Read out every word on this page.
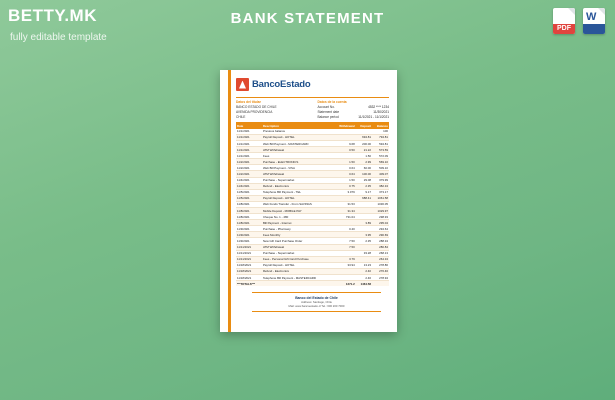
BETTY.MK
fully editable template
BANK STATEMENT
PDF
W

BancoEstado
Datos del titular
BANCO ESTADO DE CHILE
AVENIDA PROVIDENCIA
CHILE
Datos de la cuenta
Account No.	4532 **** 1234
Statement date	11/30/2021
Balance period	11/1/2021 - 11/1/2021
Date	Description	Withdrawal	Deposit	Balance
11/1/2021	Previous balance			100
11/1/2021	Payroll Deposit - HOTEL		694.81	794.81
11/1/2021	Web Bill Payment - MASTERCARD	9.68	200.00	594.81
11/1/2021	ATM Withdrawal	0.50	21.22	573.59
11/1/2021	Fees		1.50	572.09
11/2/2021	Purchase - ELECTRONICS	1.50	2.99	569.10
11/2/2021	Web Bill Payment - VISA	0.64	60.00	509.10
11/2/2021	ATM Withdrawal	0.64	100.00	409.07
11/4/2021	Purchase - Supermarket	1.50	29.08	379.99
11/4/2021	Refund - Electronics	0.75	2.35	382.34
11/5/2021	Telephone Bill Payment - TEL	3.079	9.17	373.17
11/5/2021	Payroll Deposit - HOTEL		688.41	1061.58
11/8/2021	Web Funds Transfer - From SAVINGS	31.53		1030.05
11/8/2021	Mobile Deposit - MOBILE PAY	31.34		1029.97
11/8/2021	Cheque No. 1 - 480	731.04		298.93
11/8/2021	Bill Payment - Internet		3.89	295.04
11/9/2021	Purchase - Pharmacy	0.40		294.64
11/9/2021	Fees Monthly		3.95	290.69
11/9/2021	New Gift Card Purchase Order	7.50	2.35	288.34
11/11/2021	ATM Withdrawal	7.50		280.84
11/11/2021	Purchase - Supermarket		33.28	268.13
11/11/2021	Fees - Personal Gift Card Purchase	3.79		264.34
11/18/2021	Payroll Deposit - HOTEL	33.94	13.23	278.86
11/18/2021	Refund - Electronics		2.40	276.46
11/18/2021	Telephone Bill Payment - MASTERCARD		2.46	278.94
***TOTALS***		1271.2	1464.58	
Banco del Estado de Chile
Address: Santiago, Chile
Mail: www.bancoestado.cl Tel.: 600 200 7000
